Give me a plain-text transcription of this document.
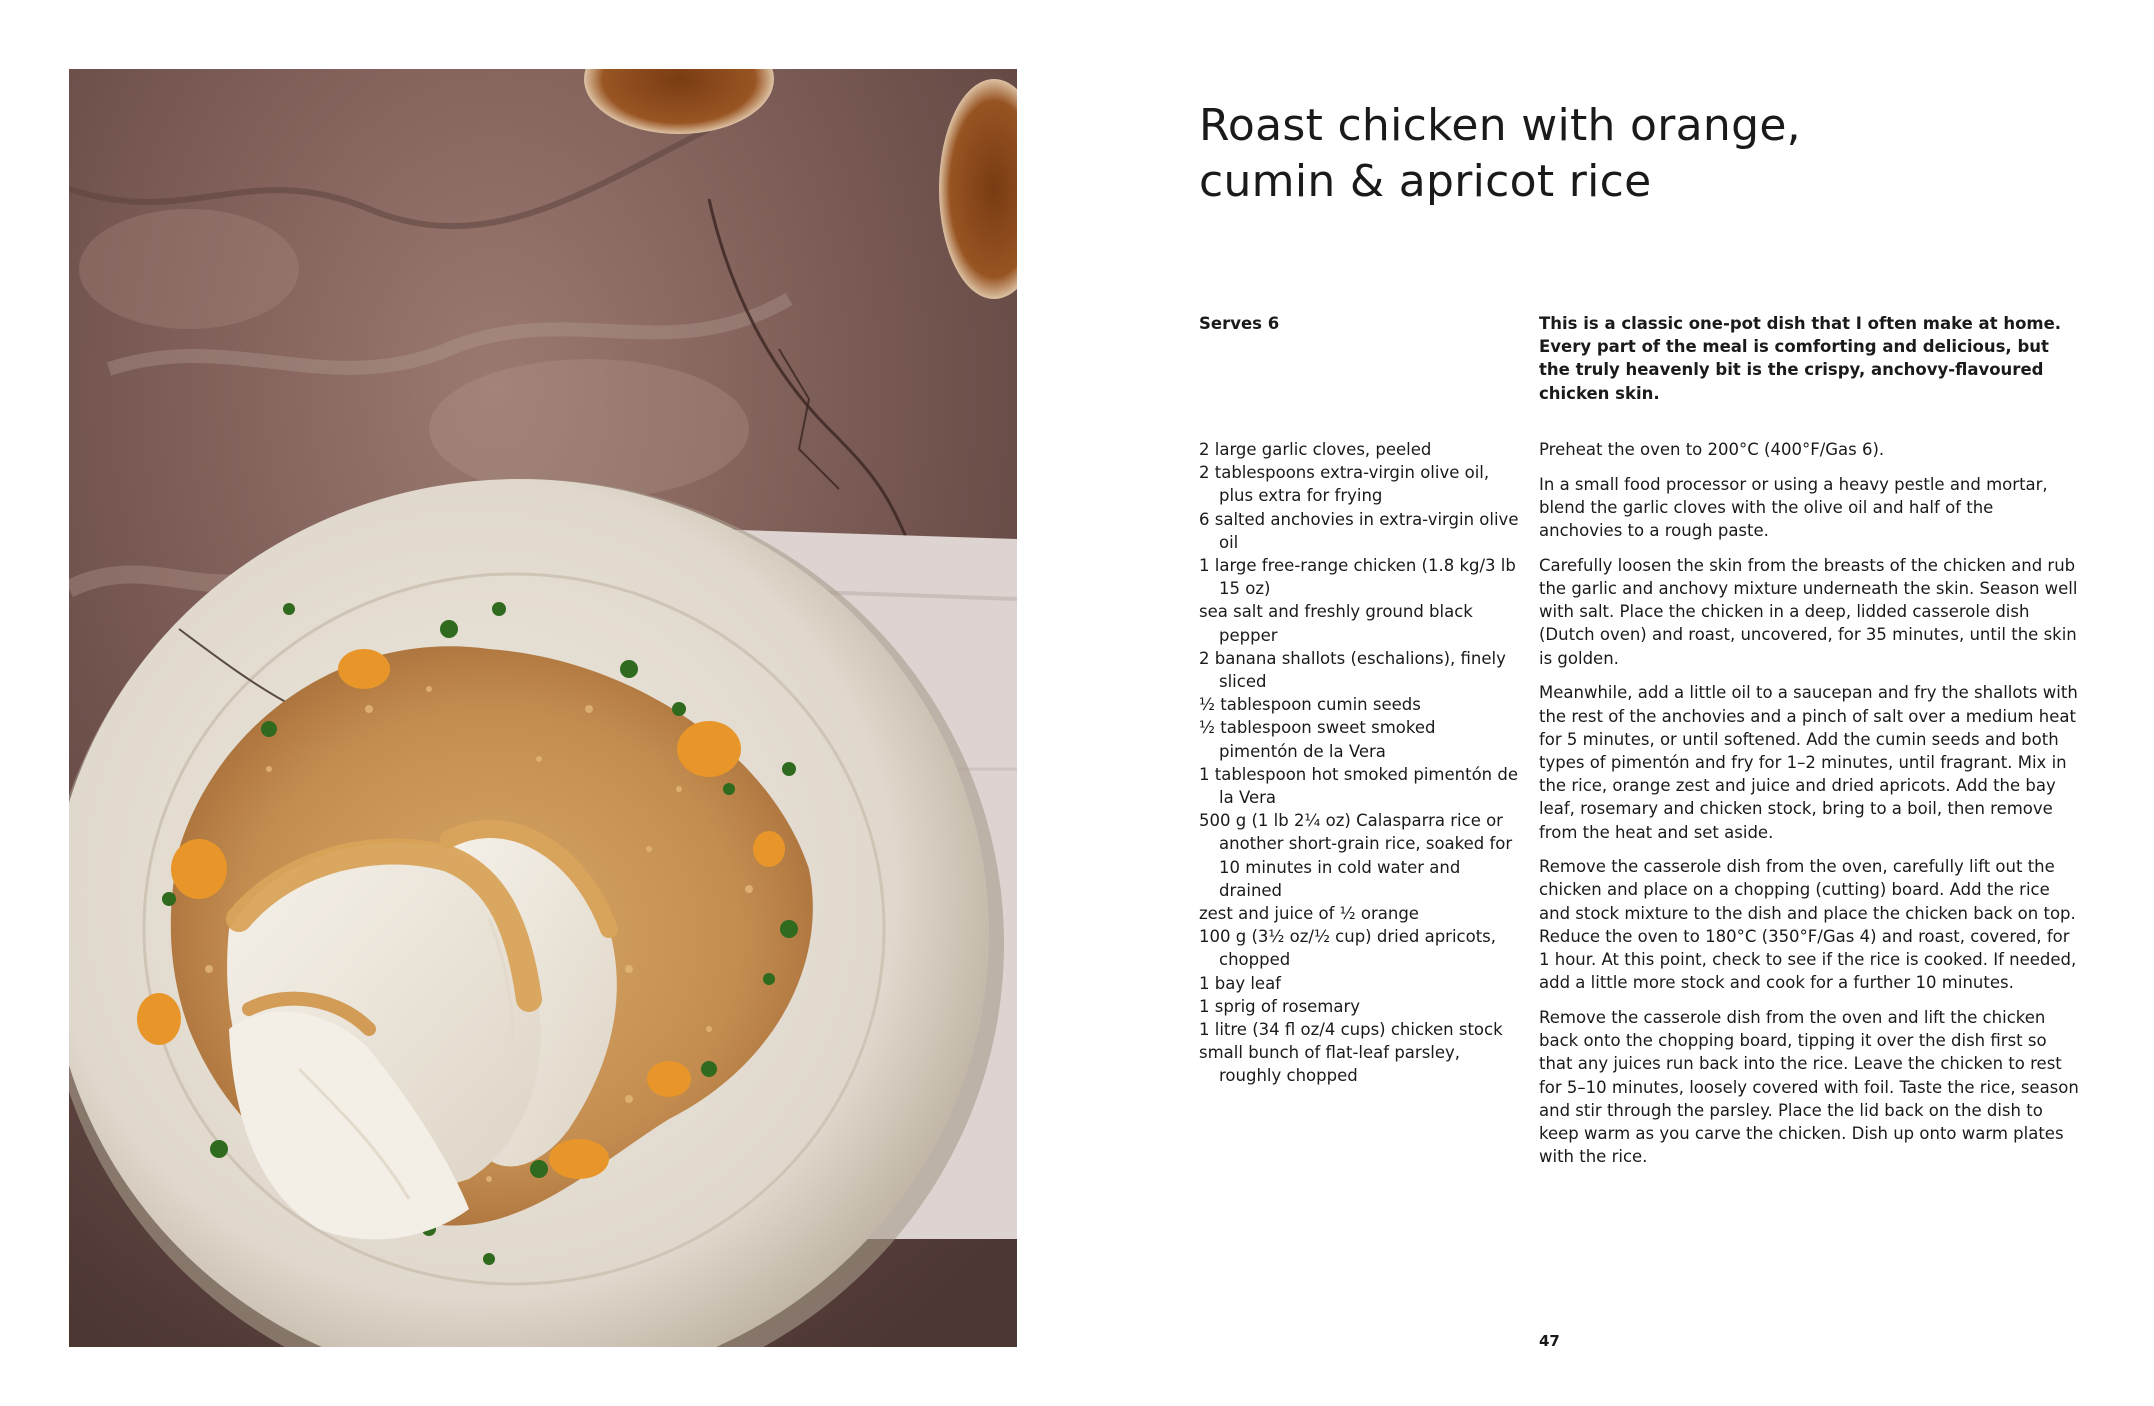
Roast chicken with orange,
cumin & apricot rice
Serves 6	This is a classic one-pot dish that I often make at home. Every part of the meal is comforting and delicious, but the truly heavenly bit is the crispy, anchovy-flavoured chicken skin.

2 large garlic cloves, peeled
2 tablespoons extra-virgin olive oil, plus extra for frying
6 salted anchovies in extra-virgin olive oil
1 large free-range chicken (1.8 kg/3 lb 15 oz)
sea salt and freshly ground black pepper
2 banana shallots (eschalions), finely sliced
½ tablespoon cumin seeds
½ tablespoon sweet smoked pimentón de la Vera
1 tablespoon hot smoked pimentón de la Vera
500 g (1 lb 2¼ oz) Calasparra rice or another short-grain rice, soaked for 10 minutes in cold water and drained
zest and juice of ½ orange
100 g (3½ oz/½ cup) dried apricots, chopped
1 bay leaf
1 sprig of rosemary
1 litre (34 fl oz/4 cups) chicken stock
small bunch of flat-leaf parsley, roughly chopped

Preheat the oven to 200°C (400°F/Gas 6).

In a small food processor or using a heavy pestle and mortar, blend the garlic cloves with the olive oil and half of the anchovies to a rough paste.

Carefully loosen the skin from the breasts of the chicken and rub the garlic and anchovy mixture underneath the skin. Season well with salt. Place the chicken in a deep, lidded casserole dish (Dutch oven) and roast, uncovered, for 35 minutes, until the skin is golden.

Meanwhile, add a little oil to a saucepan and fry the shallots with the rest of the anchovies and a pinch of salt over a medium heat for 5 minutes, or until softened. Add the cumin seeds and both types of pimentón and fry for 1–2 minutes, until fragrant. Mix in the rice, orange zest and juice and dried apricots. Add the bay leaf, rosemary and chicken stock, bring to a boil, then remove from the heat and set aside.

Remove the casserole dish from the oven, carefully lift out the chicken and place on a chopping (cutting) board. Add the rice and stock mixture to the dish and place the chicken back on top. Reduce the oven to 180°C (350°F/Gas 4) and roast, covered, for 1 hour. At this point, check to see if the rice is cooked. If needed, add a little more stock and cook for a further 10 minutes.

Remove the casserole dish from the oven and lift the chicken back onto the chopping board, tipping it over the dish first so that any juices run back into the rice. Leave the chicken to rest for 5–10 minutes, loosely covered with foil. Taste the rice, season and stir through the parsley. Place the lid back on the dish to keep warm as you carve the chicken. Dish up onto warm plates with the rice.

47
